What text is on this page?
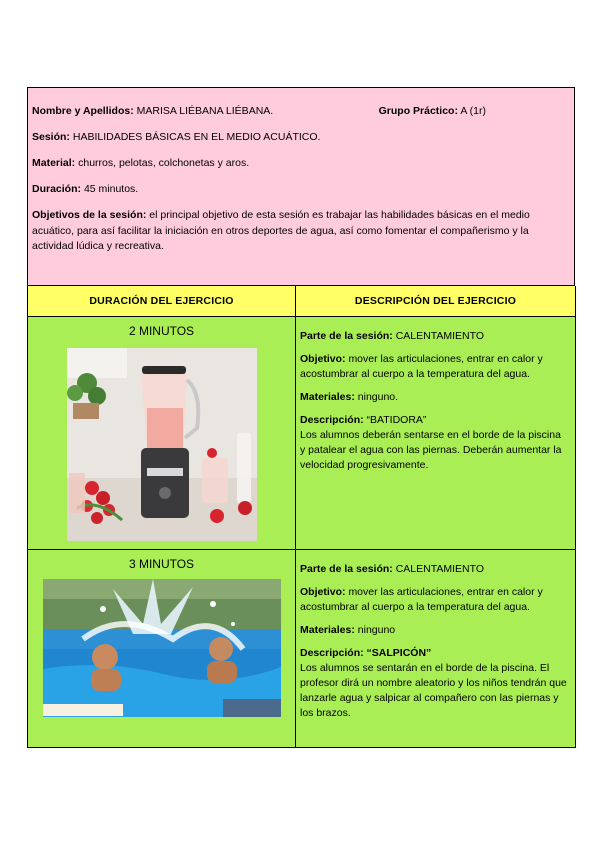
Nombre y Apellidos: MARISA LIÉBANA LIÉBANA.	Grupo Práctico: A (1r)

Sesión: HABILIDADES BÁSICAS EN EL MEDIO ACUÁTICO.

Material: churros, pelotas, colchonetas y aros.

Duración: 45 minutos.

Objetivos de la sesión: el principal objetivo de esta sesión es trabajar las habilidades básicas en el medio acuático, para así facilitar la iniciación en otros deportes de agua, así como fomentar el compañerismo y la actividad lúdica y recreativa.

DURACIÓN DEL EJERCICIO	DESCRIPCIÓN DEL EJERCICIO
2 MINUTOS	Parte de la sesión: CALENTAMIENTO

Objetivo: mover las articulaciones, entrar en calor y acostumbrar al cuerpo a la temperatura del agua.

Materiales: ninguno.

Descripción: “BATIDORA”
Los alumnos deberán sentarse en el borde de la piscina y patalear el agua con las piernas. Deberán aumentar la velocidad progresivamente.

3 MINUTOS	Parte de la sesión: CALENTAMIENTO

Objetivo: mover las articulaciones, entrar en calor y acostumbrar al cuerpo a la temperatura del agua.

Materiales: ninguno

Descripción: “SALPICÓN”
Los alumnos se sentarán en el borde de la piscina. El profesor dirá un nombre aleatorio y los niños tendrán que lanzarle agua y salpicar al compañero con las piernas y los brazos.
